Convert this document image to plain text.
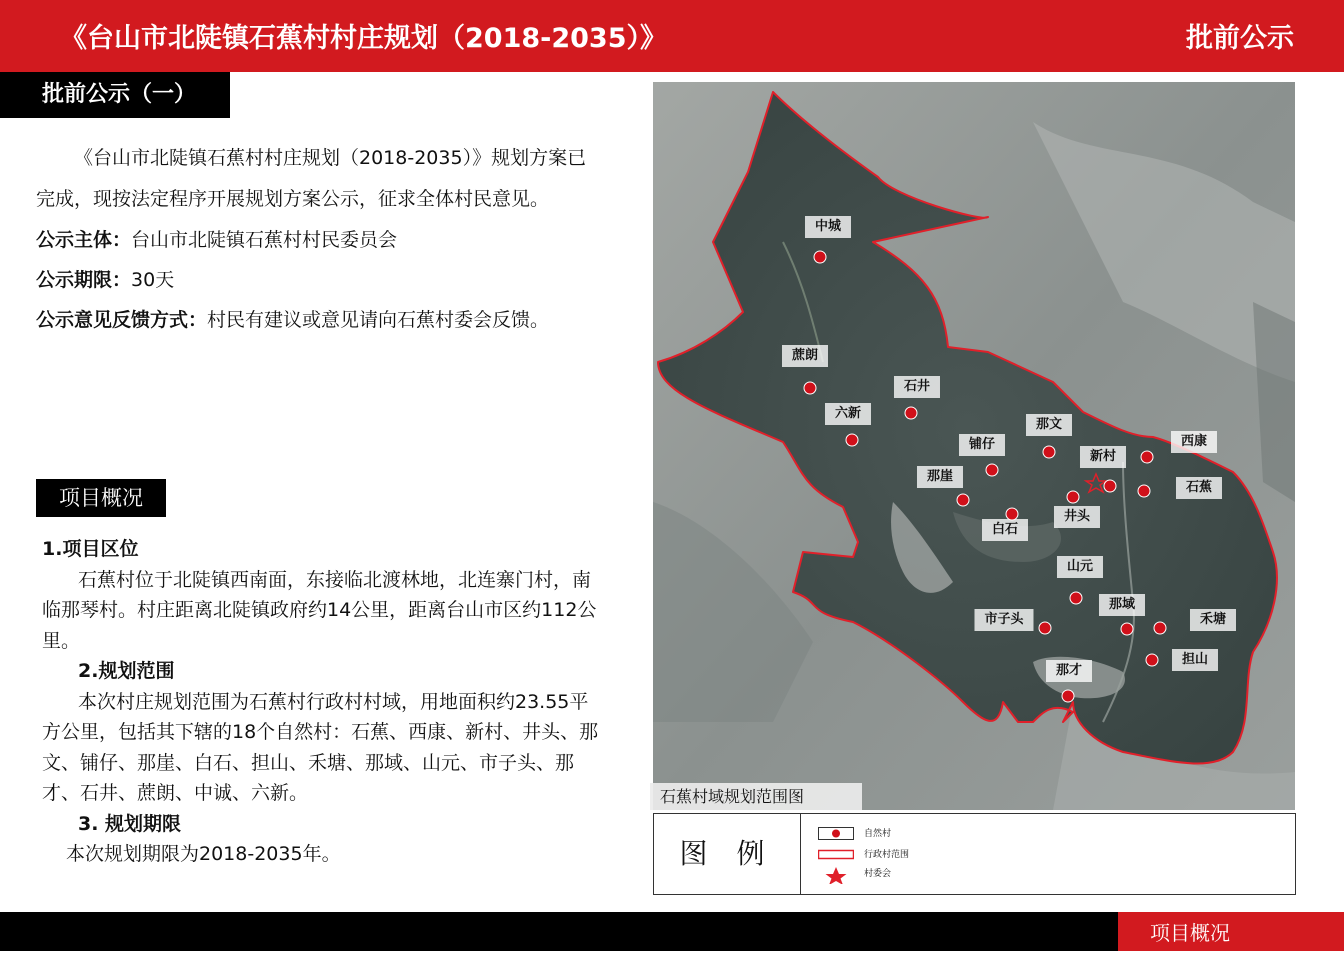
《台山市北陡镇石蕉村村庄规划（2018-2035）》	批前公示
批前公示（一）
《台山市北陡镇石蕉村村庄规划（2018-2035）》规划方案已完成，现按法定程序开展规划方案公示，征求全体村民意见。
公示主体：台山市北陡镇石蕉村村民委员会
公示期限：30天
公示意见反馈方式：村民有建议或意见请向石蕉村委会反馈。
项目概况
1.项目区位
石蕉村位于北陡镇西南面，东接临北渡林地，北连寨门村，南临那琴村。村庄距离北陡镇政府约14公里，距离台山市区约112公里。
2.规划范围
本次村庄规划范围为石蕉村行政村村域，用地面积约23.55平方公里，包括其下辖的18个自然村：石蕉、西康、新村、井头、那文、铺仔、那崖、白石、担山、禾塘、那域、山元、市子头、那才、石井、蔗朗、中诚、六新。
3. 规划期限
本次规划期限为2018-2035年。
中城
蔗朗
石井
六新
那文
铺仔
新村
西康
那崖
石蕉
白石
井头
山元
那域
市子头	禾塘
担山
那才
石蕉村域规划范围图
图 例
自然村
行政村范围
村委会
项目概况
